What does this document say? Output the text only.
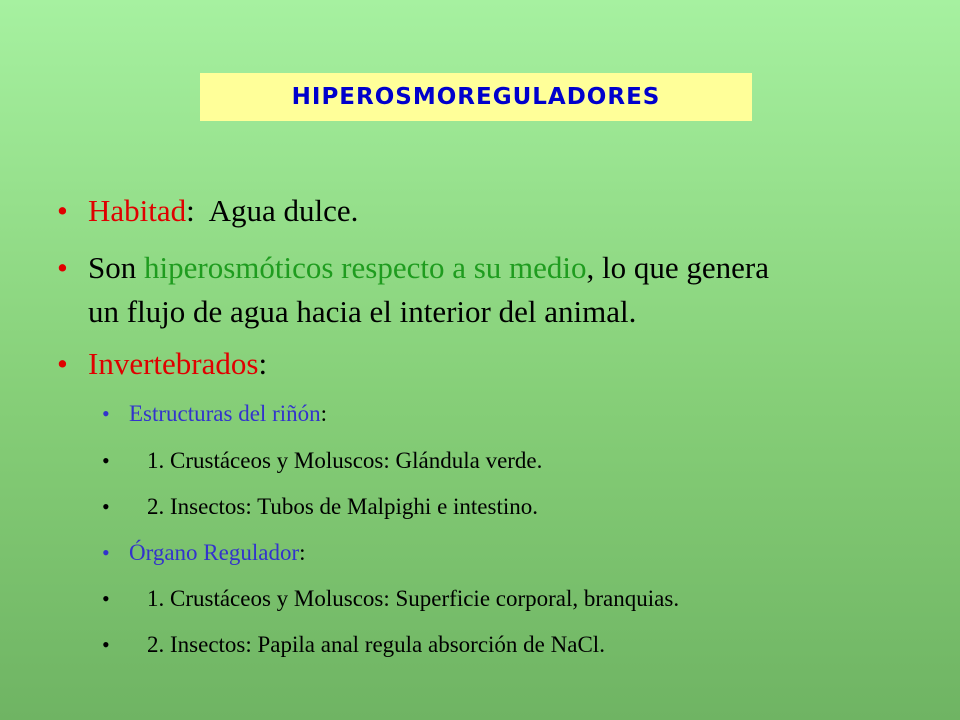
HIPEROSMOREGULADORES
• Habitad: Agua dulce.
• Son hiperosmóticos respecto a su medio, lo que genera
un flujo de agua hacia el interior del animal.
• Invertebrados:
• Estructuras del riñón:
• 1. Crustáceos y Moluscos: Glándula verde.
• 2. Insectos: Tubos de Malpighi e intestino.
• Órgano Regulador:
• 1. Crustáceos y Moluscos: Superficie corporal, branquias.
• 2. Insectos: Papila anal regula absorción de NaCl.
